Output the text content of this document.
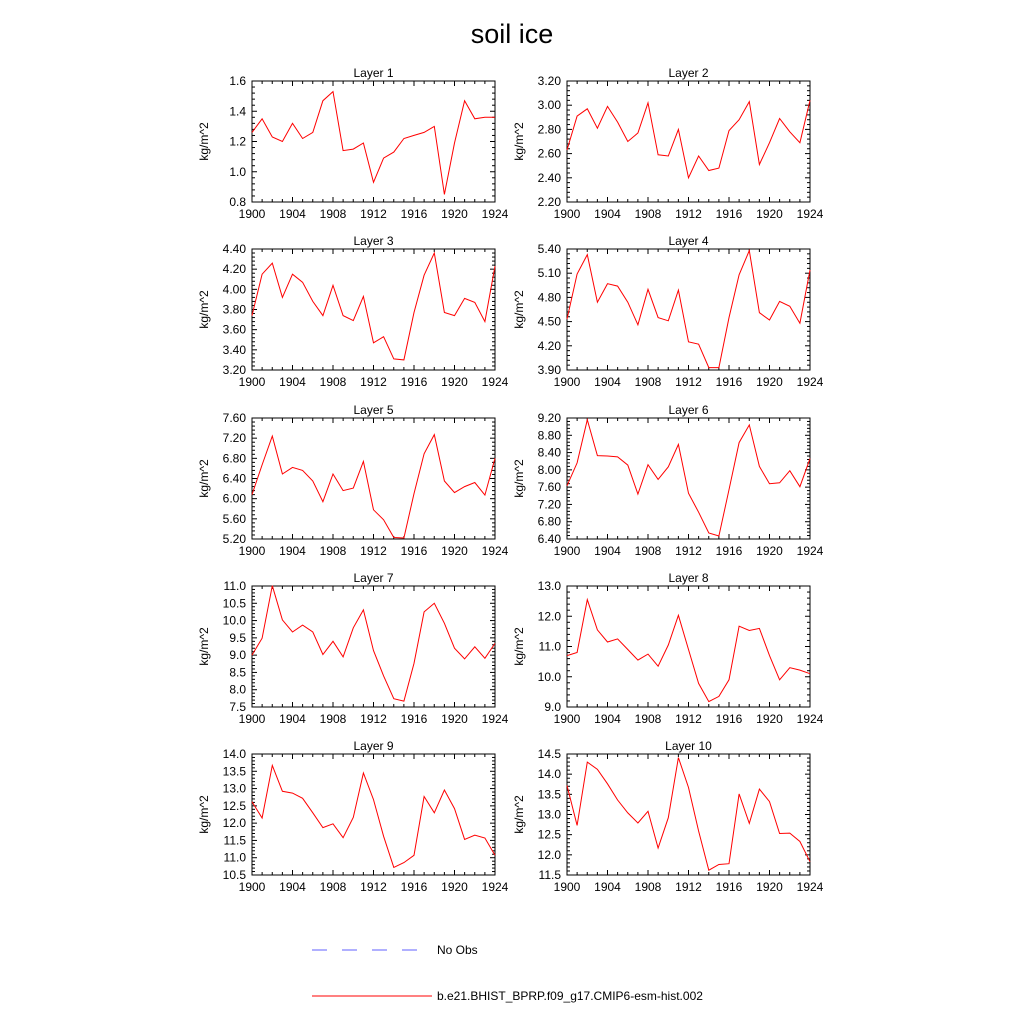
soil ice
Layer 1
1900 1904 1908 1912 1916 1920 1924
0.8
1.0
1.2
1.4
1.6
kg/m^2
Layer 2
1900 1904 1908 1912 1916 1920 1924
2.20
2.40
2.60
2.80
3.00
3.20
kg/m^2
Layer 3
1900 1904 1908 1912 1916 1920 1924
3.20
3.40
3.60
3.80
4.00
4.20
4.40
kg/m^2
Layer 4
1900 1904 1908 1912 1916 1920 1924
3.90
4.20
4.50
4.80
5.10
5.40
kg/m^2
Layer 5
1900 1904 1908 1912 1916 1920 1924
5.20
5.60
6.00
6.40
6.80
7.20
7.60
kg/m^2
Layer 6
1900 1904 1908 1912 1916 1920 1924
6.40
6.80
7.20
7.60
8.00
8.40
8.80
9.20
kg/m^2
Layer 7
1900 1904 1908 1912 1916 1920 1924
7.5
8.0
8.5
9.0
9.5
10.0
10.5
11.0
kg/m^2
Layer 8
1900 1904 1908 1912 1916 1920 1924
9.0
10.0
11.0
12.0
13.0
kg/m^2
Layer 9
1900 1904 1908 1912 1916 1920 1924
10.5
11.0
11.5
12.0
12.5
13.0
13.5
14.0
kg/m^2
Layer 10
1900 1904 1908 1912 1916 1920 1924
11.5
12.0
12.5
13.0
13.5
14.0
14.5
kg/m^2
No Obs
b.e21.BHIST_BPRP.f09_g17.CMIP6-esm-hist.002
